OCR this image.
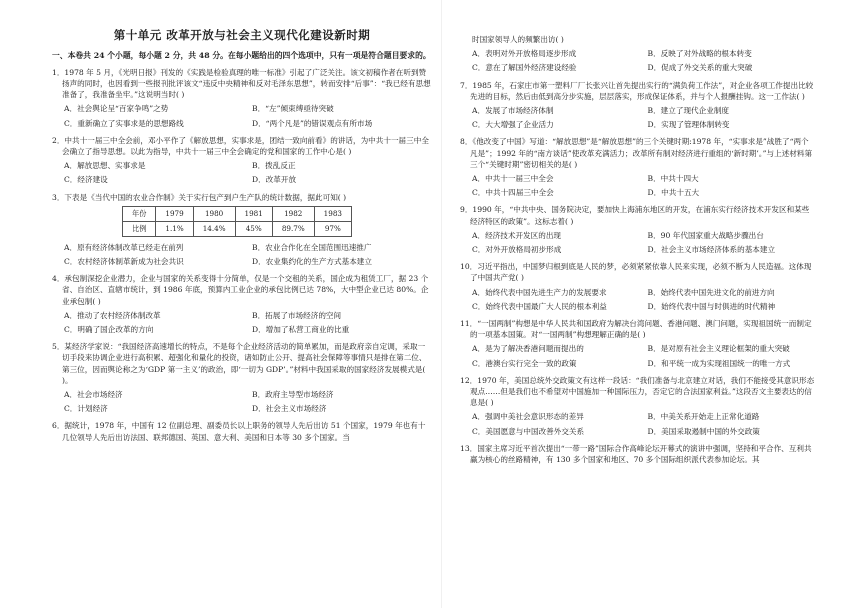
第十单元 改革开放与社会主义现代化建设新时期
一、本卷共 24 个小题，每小题 2 分，共 48 分。在每小题给出的四个选项中，只有一项是符合题目要求的。
1．1978 年 5 月，《光明日报》刊发的《实践是检验真理的唯一标准》引起了广泛关注。该文初稿作者在听到赞扬声的同时，也因看到一些报刊批评该文“违反中央精神和反对毛泽东思想”，转而安排“后事”：“我已经有思想准备了，我准备坐牢。”这说明当时( )
A．社会舆论呈“百家争鸣”之势	B．“左”倾束缚亟待突破
C．重新确立了实事求是的思想路线	D．“两个凡是”的错误观点有所市场
2．中共十一届三中全会前，邓小平作了《解放思想，实事求是，团结一致向前看》的讲话，为中共十一届三中全会确立了指导思想。以此为指导，中共十一届三中全会确定的党和国家的工作中心是( )
A．解放思想、实事求是	B．拨乱反正
C．经济建设	D．改革开放
3．下表是《当代中国的农业合作制》关于实行包产到户生产队的统计数据，据此可知( )
年份	1979	1980	1981	1982	1983
比例	1.1%	14.4%	45%	89.7%	97%
A．原有经济体制改革已经走在前列	B．农业合作化在全国范围迅速推广
C．农村经济体制革新成为社会共识	D．农业集约化的生产方式基本建立
4．承包制深挖企业潜力，企业与国家的关系变得十分简单，仅是一个交租的关系，国企成为租赁工厂，据 23 个省、自治区、直辖市统计，到 1986 年底，预算内工业企业的承包比例已达 78%，大中型企业已达 80%。企业承包制( )
A．推动了农村经济体制改革	B．拓展了市场经济的空间
C．明确了国企改革的方向	D．增加了私营工商业的比重
5．某经济学家说：“我国经济高速增长的特点，不是每个企业经济活动的简单累加，而是政府亲自定调，采取一切手段来协调企业进行高积累、超强化和量化的投资，诸如防止公开、提高社会保障等事情只是排在第二位、第三位，因而舆论称之为‘GDP 第一主义’的政治，即‘一切为 GDP’。”材料中我国采取的国家经济发展模式是( )。
A．社会市场经济	B．政府主导型市场经济
C．计划经济	D．社会主义市场经济
6．据统计，1978 年，中国有 12 位副总理、副委员长以上职务的领导人先后出访 51 个国家，1979 年也有十几位领导人先后出访法国、联邦德国、英国、意大利、美国和日本等 30 多个国家。当
时国家领导人的频繁出访( )
A．表明对外开放格局逐步形成	B．反映了对外战略的根本转变
C．意在了解国外经济建设经验	D．促成了外交关系的重大突破
7．1985 年，石家庄市第一塑料厂厂长张兴让首先提出实行的“满负荷工作法”，对企业各项工作提出比较先进的目标，然后由低到高分步实施，层层落实，形成保证体系，并与个人报酬挂钩。这一工作法( )
A．发展了市场经济体制	B．建立了现代企业制度
C．大大增强了企业活力	D．实现了管理体制转变
8．《他改变了中国》写道：“解放思想”是“解放思想”的三个关键时期:1978 年，“实事求是”战胜了“两个凡是”；1992 年的“南方谈话”使改革充满活力；改革所有制对经济进行重组的‘新时期’。”与上述材料第三个“关键时期”密切相关的是( )
A．中共十一届三中全会	B．中共十四大
C．中共十四届三中全会	D．中共十五大
9．1990 年，“中共中央、国务院决定，要加快上海浦东地区的开发，在浦东实行经济技术开发区和某些经济特区的政策”。这标志着( )
A．经济技术开发区的出现	B．90 年代国家重大战略步骤出台
C．对外开放格局初步形成	D．社会主义市场经济体系的基本建立
10．习近平指出，中国梦归根到底是人民的梦，必须紧紧依靠人民来实现，必须不断为人民造福。这体现了中国共产党( )
A．始终代表中国先进生产力的发展要求	B．始终代表中国先进文化的前进方向
C．始终代表中国最广大人民的根本利益	D．始终代表中国与时俱进的时代精神
11．“一国两制”构想是中华人民共和国政府为解决台湾问题、香港问题、澳门问题，实现祖国统一而制定的一项基本国策。对“一国两制”构想理解正确的是( )
A．是为了解决香港问题而提出的	B．是对原有社会主义理论框架的重大突破
C．港澳台实行完全一致的政策	D．和平统一成为实现祖国统一的唯一方式
12．1970 年，美国总统外交政策文有这样一段话：“我们准备与北京建立对话，我们不能接受其意识形态观点……但是我们也不希望对中国施加一种国际压力，否定它的合法国家利益。”这段否文主要表达的信息是( )
A．强调中美社会意识形态的差异	B．中美关系开始走上正常化道路
C．美国愿意与中国改善外交关系	D．美国采取遏制中国的外交政策
13．国家主席习近平首次提出“一带一路”国际合作高峰论坛开幕式的演讲中强调，坚持和平合作、互利共赢为核心的丝路精神，有 130 多个国家和地区、70 多个国际组织派代表参加论坛。其
